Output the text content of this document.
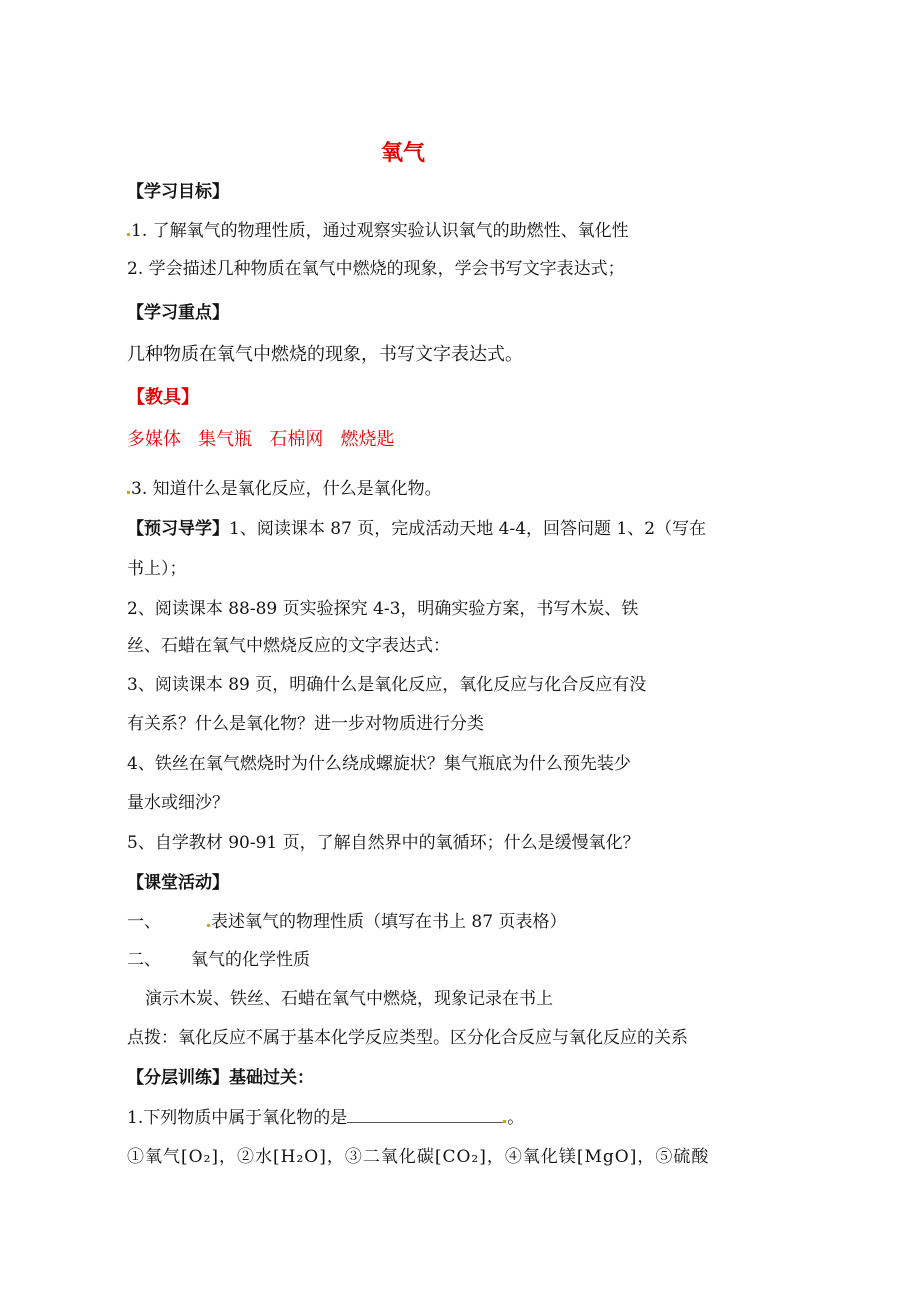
氧气
【学习目标】
1. 了解氧气的物理性质，通过观察实验认识氧气的助燃性、氧化性
2. 学会描述几种物质在氧气中燃烧的现象，学会书写文字表达式；
【学习重点】
几种物质在氧气中燃烧的现象，书写文字表达式。
【教具】
多媒体   集气瓶   石棉网   燃烧匙
3. 知道什么是氧化反应，什么是氧化物。
【预习导学】1、阅读课本 87 页，完成活动天地 4-4，回答问题 1、2（写在
书上）；
2、阅读课本 88-89 页实验探究 4-3，明确实验方案，书写木炭、铁
丝、石蜡在氧气中燃烧反应的文字表达式：
3、阅读课本 89 页，明确什么是氧化反应，氧化反应与化合反应有没
有关系？什么是氧化物？进一步对物质进行分类
4、铁丝在氧气燃烧时为什么绕成螺旋状？集气瓶底为什么预先装少
量水或细沙？
5、自学教材 90-91 页，了解自然界中的氧循环；什么是缓慢氧化？
【课堂活动】
一、	表述氧气的物理性质（填写在书上 87 页表格）
二、 氧气的化学性质
演示木炭、铁丝、石蜡在氧气中燃烧，现象记录在书上
点拨：氧化反应不属于基本化学反应类型。区分化合反应与氧化反应的关系
【分层训练】基础过关：
1.下列物质中属于氧化物的是	。
①氧气[O₂]，②水[H₂O]，③二氧化碳[CO₂]，④氧化镁[MgO]，⑤硫酸
